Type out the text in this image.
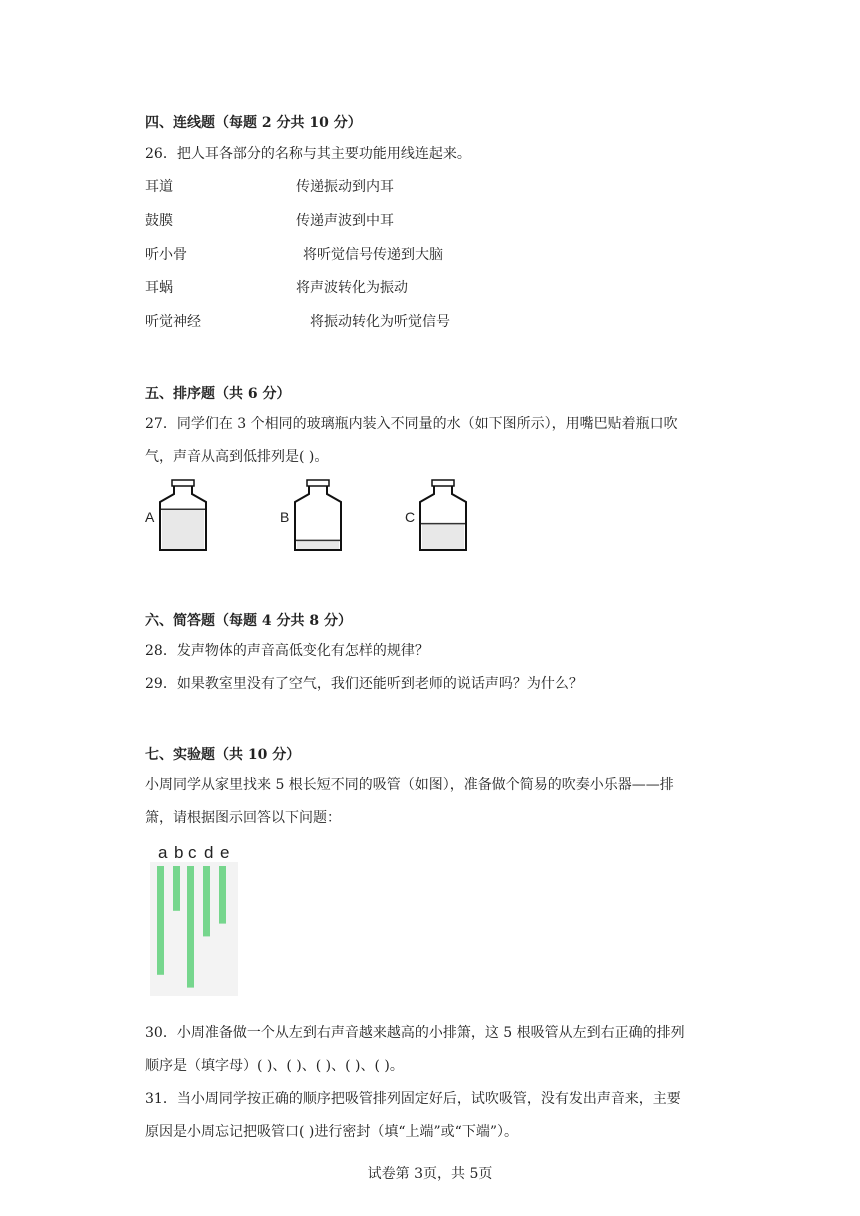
四、连线题（每题 2 分共 10 分）
26．把人耳各部分的名称与其主要功能用线连起来。
耳道
鼓膜
听小骨
耳蜗
听觉神经
传递振动到内耳
传递声波到中耳
将听觉信号传递到大脑
将声波转化为振动
将振动转化为听觉信号
五、排序题（共 6 分）
27．同学们在 3 个相同的玻璃瓶内装入不同量的水（如下图所示），用嘴巴贴着瓶口吹
气，声音从高到低排列是( )。
A	B	C
六、简答题（每题 4 分共 8 分）
28．发声物体的声音高低变化有怎样的规律？
29．如果教室里没有了空气，我们还能听到老师的说话声吗？为什么？
七、实验题（共 10 分）
小周同学从家里找来 5 根长短不同的吸管（如图），准备做个简易的吹奏小乐器——排
箫，请根据图示回答以下问题：
a b c d e
30．小周准备做一个从左到右声音越来越高的小排箫，这 5 根吸管从左到右正确的排列
顺序是（填字母）( )、( )、( )、( )、( )。
31．当小周同学按正确的顺序把吸管排列固定好后，试吹吸管，没有发出声音来，主要
原因是小周忘记把吸管口( )进行密封（填“上端”或“下端”）。
试卷第 3页，共 5页
